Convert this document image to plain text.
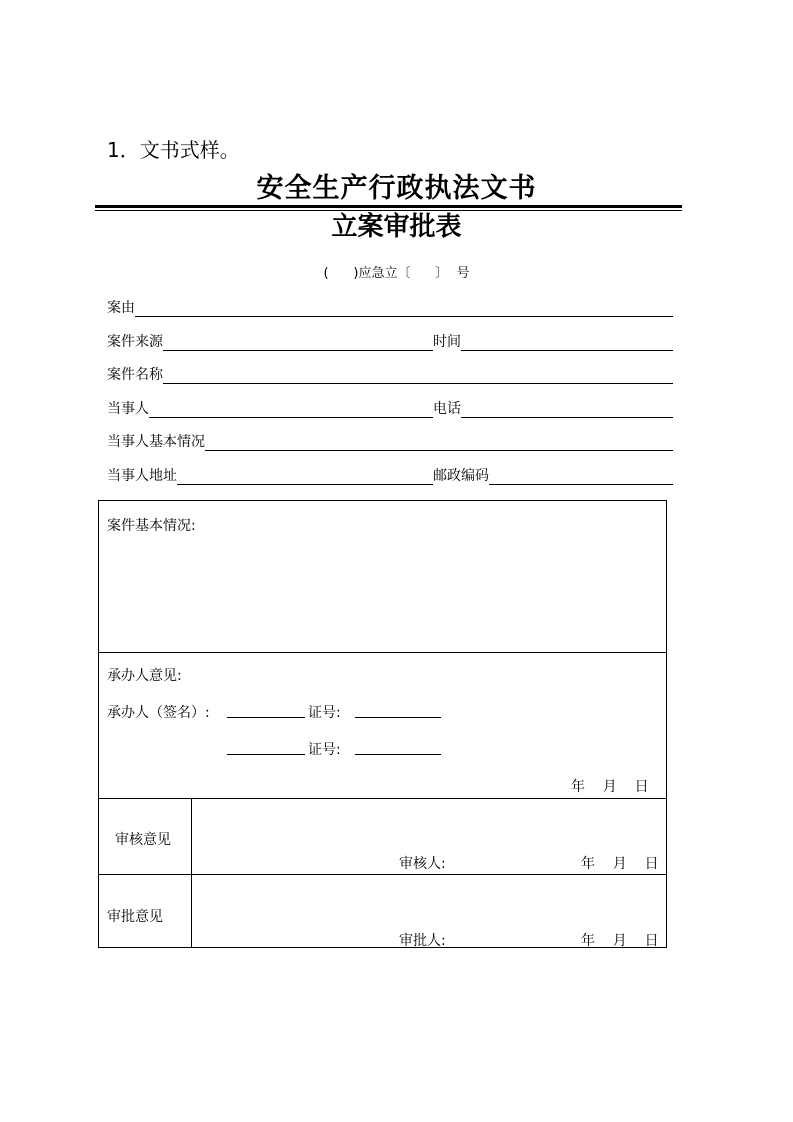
1．文书式样。
安全生产行政执法文书
立案审批表
(      )应急立〔      〕  号
案由
案件来源	时间
案件名称
当事人	电话
当事人基本情况
当事人地址	邮政编码
案件基本情况:
承办人意见:
承办人（签名）:	证号:
证号:
年    月    日
审核意见
审核人:	年    月    日
审批意见
审批人:	年    月    日
